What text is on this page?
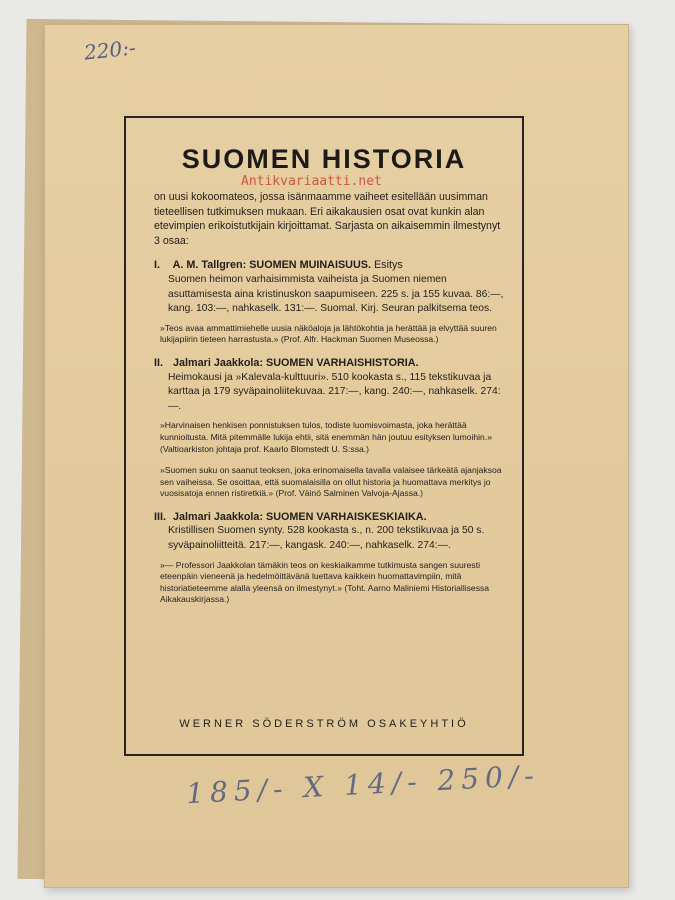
220:-
SUOMEN HISTORIA
Antikvariaatti.net

on uusi kokoomateos, jossa isänmaamme vaiheet esitellään uusimman tieteellisen tutkimuksen mukaan. Eri aikakausien osat ovat kunkin alan etevimpien erikoistutkijain kirjoittamat. Sarjasta on aikaisemmin ilmestynyt 3 osaa:

I. A. M. Tallgren: SUOMEN MUINAISUUS. Esitys
Suomen heimon varhaisimmista vaiheista ja Suomen niemen asuttamisesta aina kristinuskon saapumiseen. 225 s. ja 155 kuvaa. 86:—, kang. 103:—, nahkaselk. 131:—. Suomal. Kirj. Seuran palkitsema teos.
»Teos avaa ammattimiehelle uusia näköaloja ja lähtökohtia ja herättää ja elvyttää suuren lukijapiirin tieteen harrastusta.» (Prof. Alfr. Hackman Suomen Museossa.)
II. Jalmari Jaakkola: SUOMEN VARHAISHISTORIA.
Heimokausi ja »Kalevala-kulttuuri». 510 kookasta s., 115 tekstikuvaa ja karttaa ja 179 syväpainoliitekuvaa. 217:—, kang. 240:—, nahkaselk. 274:—.
»Harvinaisen henkisen ponnistuksen tulos, todiste luomisvoimasta, joka herättää kunnioitusta. Mitä pitemmälle lukija ehtii, sitä enemmän hän joutuu esityksen lumoihin.» (Valtioarkiston johtaja prof. Kaarlo Blomstedt U. S:ssa.)
»Suomen suku on saanut teoksen, joka erinomaisella tavalla valaisee tärkeätä ajanjaksoa sen vaiheissa. Se osoittaa, että suomalaisilla on ollut historia ja huomattava merkitys jo vuosisatoja ennen ristiretkiä.» (Prof. Väinö Salminen Valvoja-Ajassa.)
III. Jalmari Jaakkola: SUOMEN VARHAISKESKIAIKA.
Kristillisen Suomen synty. 528 kookasta s., n. 200 tekstikuvaa ja 50 s. syväpainoliitteitä. 217:—, kangask. 240:—, nahkaselk. 274:—.
»— Professori Jaakkolan tämäkin teos on keskiaikamme tutkimusta sangen suuresti eteenpäin vieneenä ja hedelmöittävänä luettava kaikkein huomattavimpiin, mitä historiatieteemme alalla yleensä on ilmestynyt.» (Toht. Aarno Maliniemi Historiallisessa Aikakauskirjassa.)
WERNER SÖDERSTRÖM OSAKEYHTIÖ
185/- X 14/- 250/-
